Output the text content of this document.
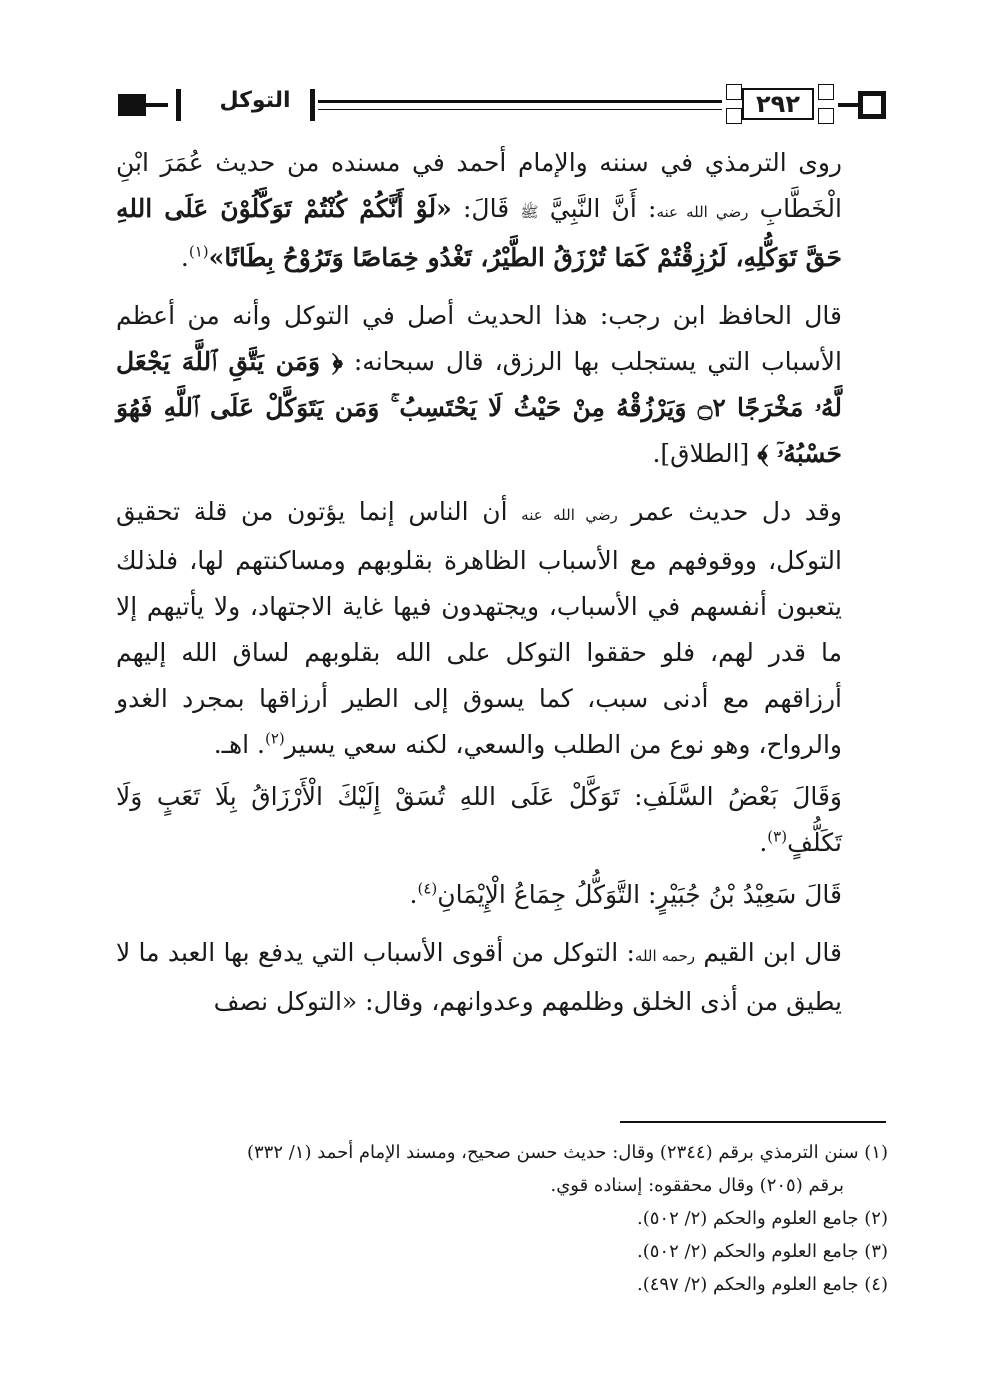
التوكل	٢٩٢

روى الترمذي في سننه والإمام أحمد في مسنده من حديث عُمَرَ ابْنِ الْخَطَّابِ رضي الله عنه: أَنَّ النَّبِيَّ ﷺ قَالَ: «لَوْ أَنَّكُمْ كُنْتُمْ تَوَكَّلُوْنَ عَلَى اللهِ حَقَّ تَوَكُّلِهِ، لَرُزِقْتُمْ كَمَا تُرْزَقُ الطَّيْرُ، تَغْدُو خِمَاصًا وَتَرُوْحُ بِطَانًا»$^{(١)}$.

قال الحافظ ابن رجب: هذا الحديث أصل في التوكل وأنه من أعظم الأسباب التي يستجلب بها الرزق، قال سبحانه: ﴿ وَمَن يَتَّقِ ٱللَّهَ يَجْعَل لَّهُۥ مَخْرَجًا ۝٢ وَيَرْزُقْهُ مِنْ حَيْثُ لَا يَحْتَسِبُ ۚ وَمَن يَتَوَكَّلْ عَلَى ٱللَّهِ فَهُوَ حَسْبُهُۥٓ ﴾ [الطلاق].

وقد دل حديث عمر رضي الله عنه أن الناس إنما يؤتون من قلة تحقيق التوكل، ووقوفهم مع الأسباب الظاهرة بقلوبهم ومساكنتهم لها، فلذلك يتعبون أنفسهم في الأسباب، ويجتهدون فيها غاية الاجتهاد، ولا يأتيهم إلا ما قدر لهم، فلو حققوا التوكل على الله بقلوبهم لساق الله إليهم أرزاقهم مع أدنى سبب، كما يسوق إلى الطير أرزاقها بمجرد الغدو والرواح، وهو نوع من الطلب والسعي، لكنه سعي يسير$^{(٢)}$. اهـ.

وَقَالَ بَعْضُ السَّلَفِ: تَوَكَّلْ عَلَى اللهِ تُسَقْ إِلَيْكَ الْأَرْزَاقُ بِلَا تَعَبٍ وَلَا تَكَلُّفٍ$^{(٣)}$.

قَالَ سَعِيْدُ بْنُ جُبَيْرٍ: التَّوَكُّلُ جِمَاعُ الْإِيْمَانِ$^{(٤)}$.

قال ابن القيم رحمه الله: التوكل من أقوى الأسباب التي يدفع بها العبد ما لا يطيق من أذى الخلق وظلمهم وعدوانهم، وقال: «التوكل نصف

(١) سنن الترمذي برقم (٢٣٤٤) وقال: حديث حسن صحيح، ومسند الإمام أحمد (١/ ٣٣٢)

برقم (٢٠٥) وقال محققوه: إسناده قوي.

(٢) جامع العلوم والحكم (٢/ ٥٠٢).

(٣) جامع العلوم والحكم (٢/ ٥٠٢).

(٤) جامع العلوم والحكم (٢/ ٤٩٧).
